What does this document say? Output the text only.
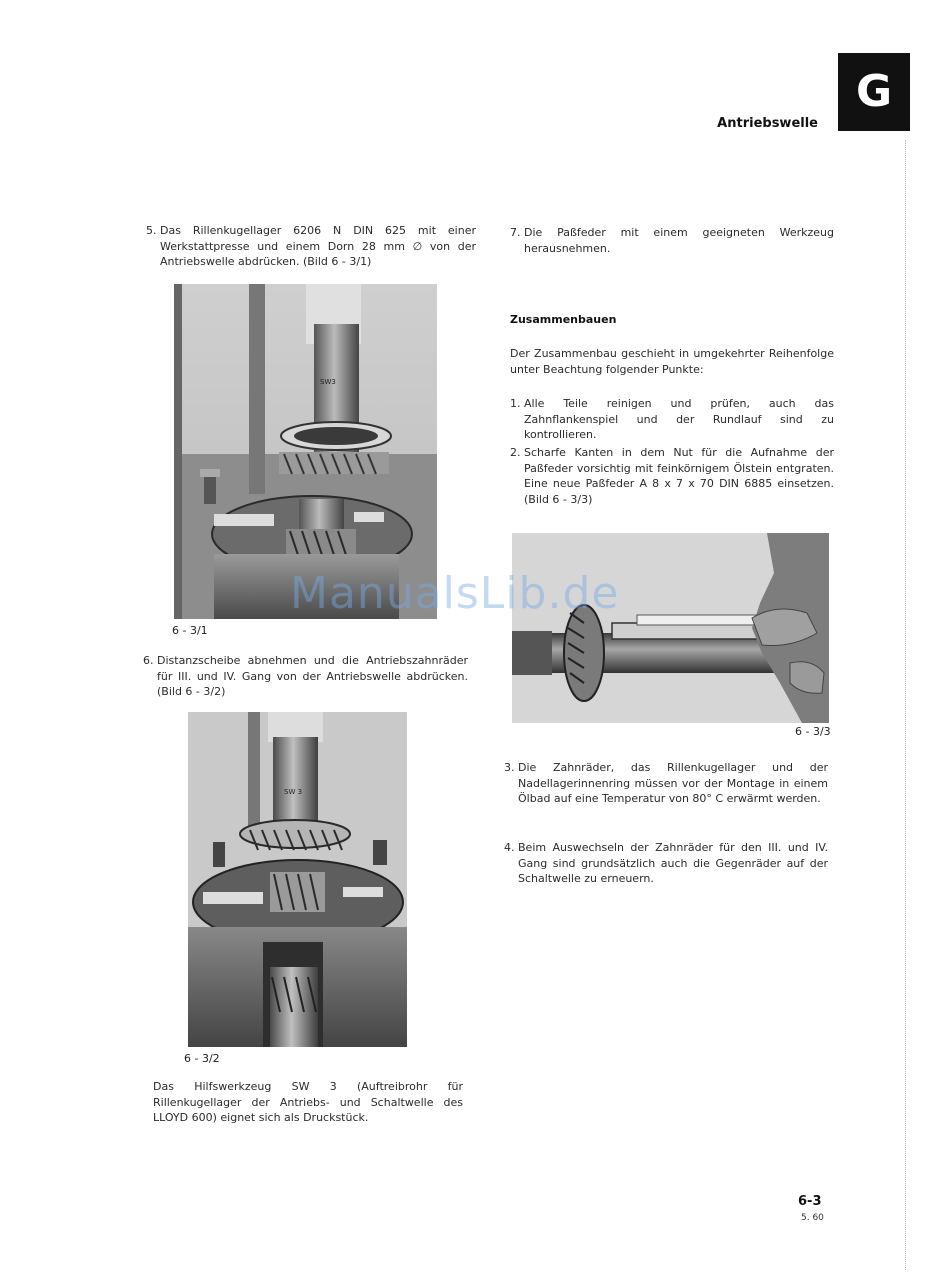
G
Antriebswelle
5. Das Rillenkugellager 6206 N DIN 625 mit einer Werkstattpresse und einem Dorn 28 mm ∅ von der Antriebswelle abdrücken. (Bild 6 - 3/1)
SW3
6 - 3/1
6. Distanzscheibe abnehmen und die Antriebszahnräder für III. und IV. Gang von der Antriebswelle abdrücken. (Bild 6 - 3/2)
SW 3
6 - 3/2
Das Hilfswerkzeug SW 3 (Auftreibrohr für Rillenkugellager der Antriebs- und Schaltwelle des LLOYD 600) eignet sich als Druckstück.
7. Die Paßfeder mit einem geeigneten Werkzeug herausnehmen.
Zusammenbauen
Der Zusammenbau geschieht in umgekehrter Reihenfolge unter Beachtung folgender Punkte:
1. Alle Teile reinigen und prüfen, auch das Zahnflankenspiel und der Rundlauf sind zu kontrollieren.
2. Scharfe Kanten in dem Nut für die Aufnahme der Paßfeder vorsichtig mit feinkörnigem Ölstein entgraten. Eine neue Paßfeder A 8 x 7 x 70 DIN 6885 einsetzen. (Bild 6 - 3/3)
6 - 3/3
3. Die Zahnräder, das Rillenkugellager und der Nadellagerinnenring müssen vor der Montage in einem Ölbad auf eine Temperatur von 80° C erwärmt werden.
4. Beim Auswechseln der Zahnräder für den III. und IV. Gang sind grundsätzlich auch die Gegenräder auf der Schaltwelle zu erneuern.
ManualsLib.de
6-3
5. 60
